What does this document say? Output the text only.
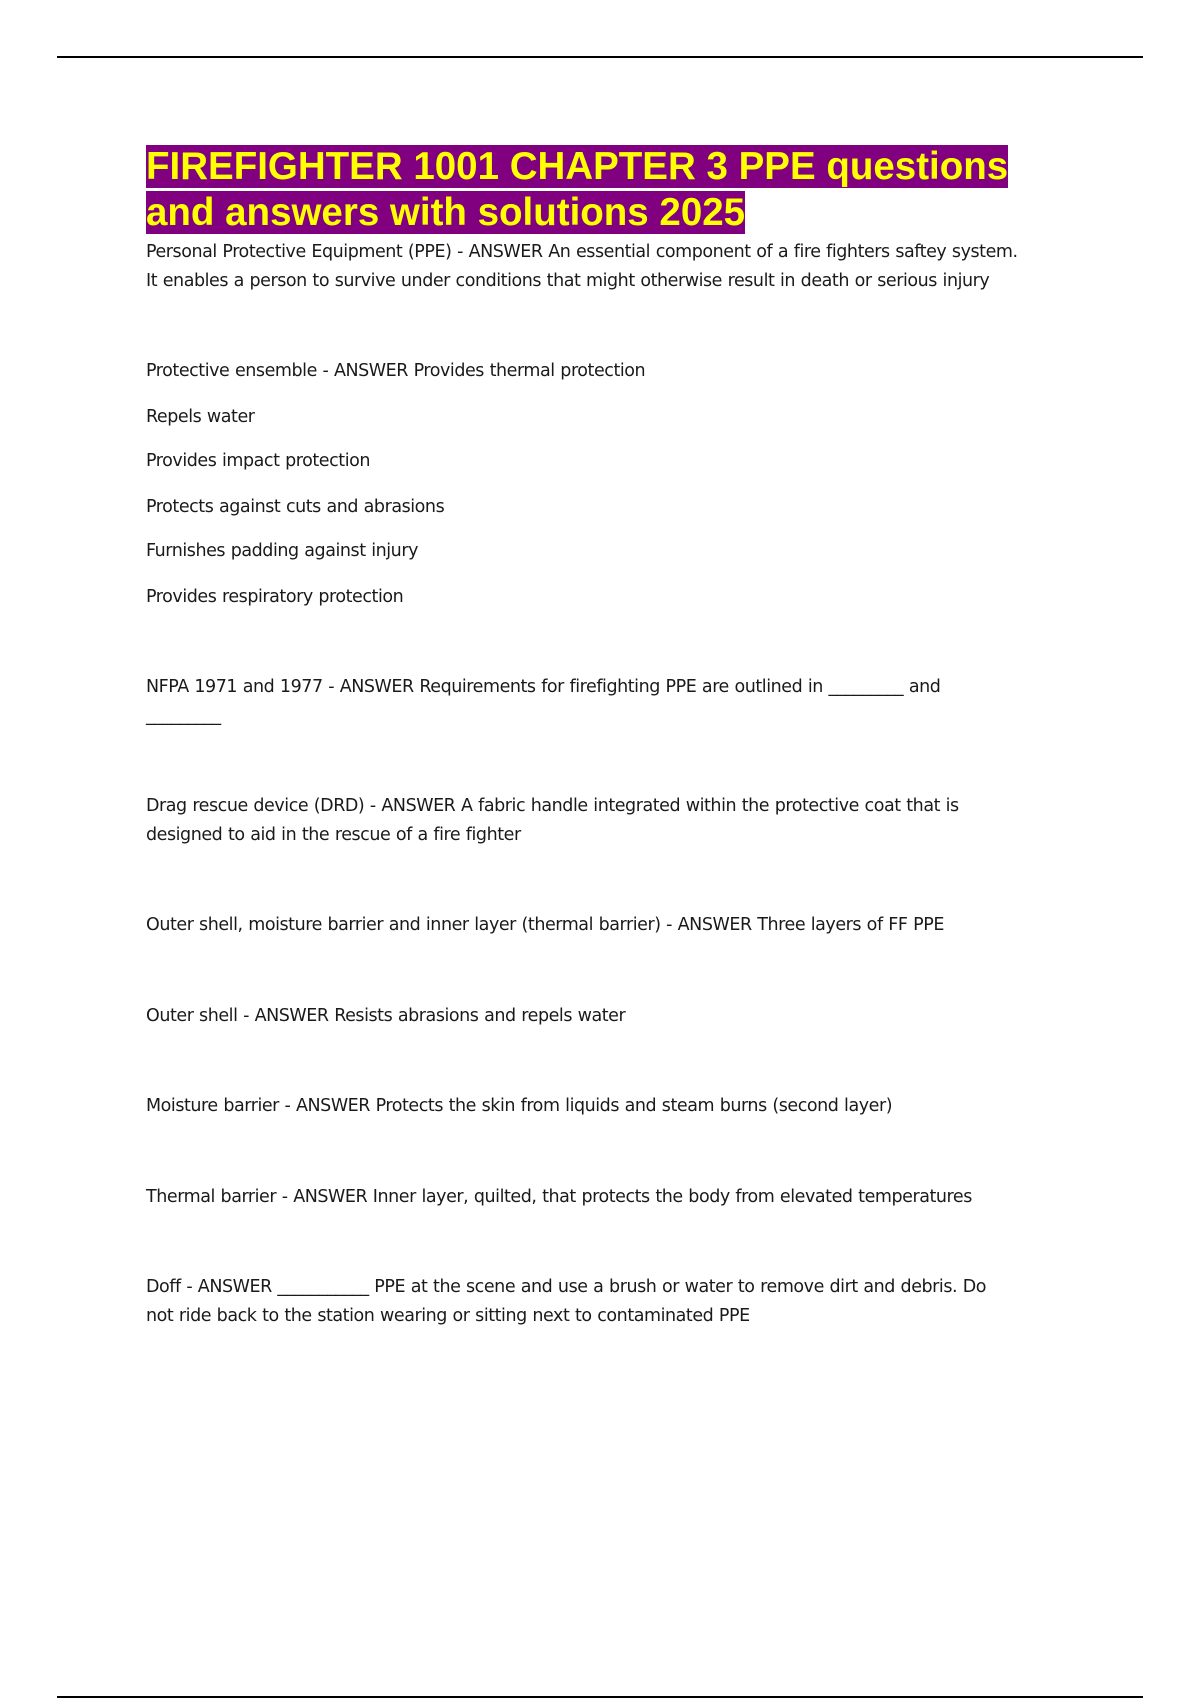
FIREFIGHTER 1001 CHAPTER 3 PPE questions
and answers with solutions 2025
Personal Protective Equipment (PPE) - ANSWER An essential component of a fire fighters saftey system.
It enables a person to survive under conditions that might otherwise result in death or serious injury
Protective ensemble - ANSWER Provides thermal protection
Repels water
Provides impact protection
Protects against cuts and abrasions
Furnishes padding against injury
Provides respiratory protection
NFPA 1971 and 1977 - ANSWER Requirements for firefighting PPE are outlined in _________ and
_________
Drag rescue device (DRD) - ANSWER A fabric handle integrated within the protective coat that is
designed to aid in the rescue of a fire fighter
Outer shell, moisture barrier and inner layer (thermal barrier) - ANSWER Three layers of FF PPE
Outer shell - ANSWER Resists abrasions and repels water
Moisture barrier - ANSWER Protects the skin from liquids and steam burns (second layer)
Thermal barrier - ANSWER Inner layer, quilted, that protects the body from elevated temperatures
Doff - ANSWER ___________ PPE at the scene and use a brush or water to remove dirt and debris. Do
not ride back to the station wearing or sitting next to contaminated PPE
